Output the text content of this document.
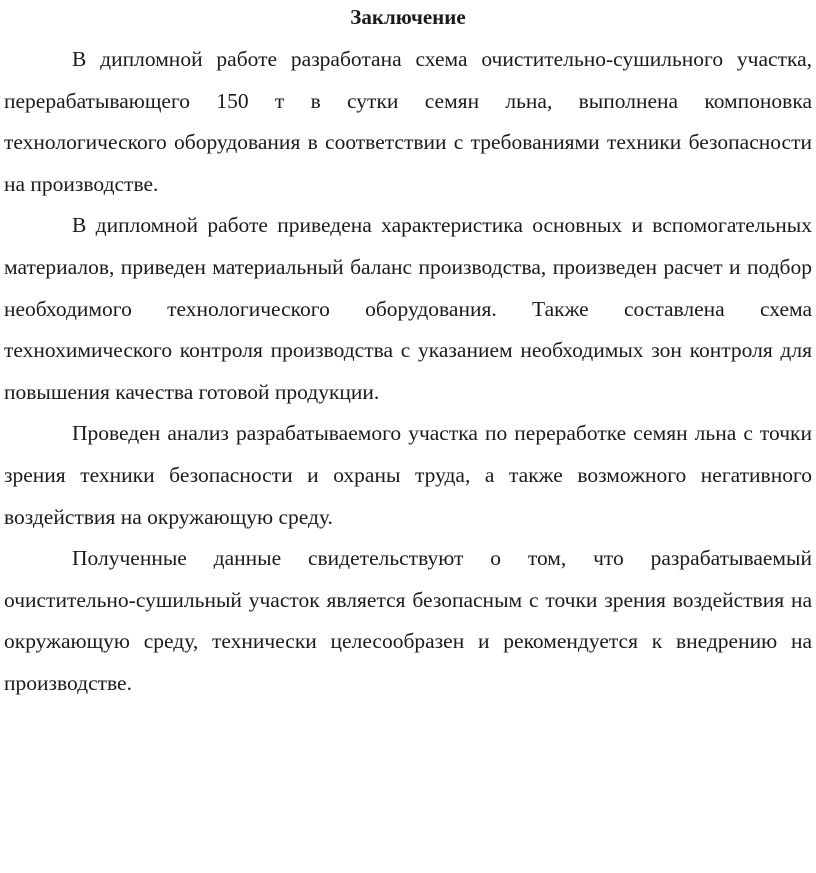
Заключение

В дипломной работе разработана схема очистительно-сушильного участка, перерабатывающего 150 т в сутки семян льна, выполнена компоновка технологического оборудования в соответствии с требованиями техники безопасности на производстве.

В дипломной работе приведена характеристика основных и вспомогательных материалов, приведен материальный баланс производства, произведен расчет и подбор необходимого технологического оборудования. Также составлена схема технохимического контроля производства с указанием необходимых зон контроля для повышения качества готовой продукции.

Проведен анализ разрабатываемого участка по переработке семян льна с точки зрения техники безопасности и охраны труда, а также возможного негативного воздействия на окружающую среду.

Полученные данные свидетельствуют о том, что разрабатываемый очистительно-сушильный участок является безопасным с точки зрения воздействия на окружающую среду, технически целесообразен и рекомендуется к внедрению на производстве.
